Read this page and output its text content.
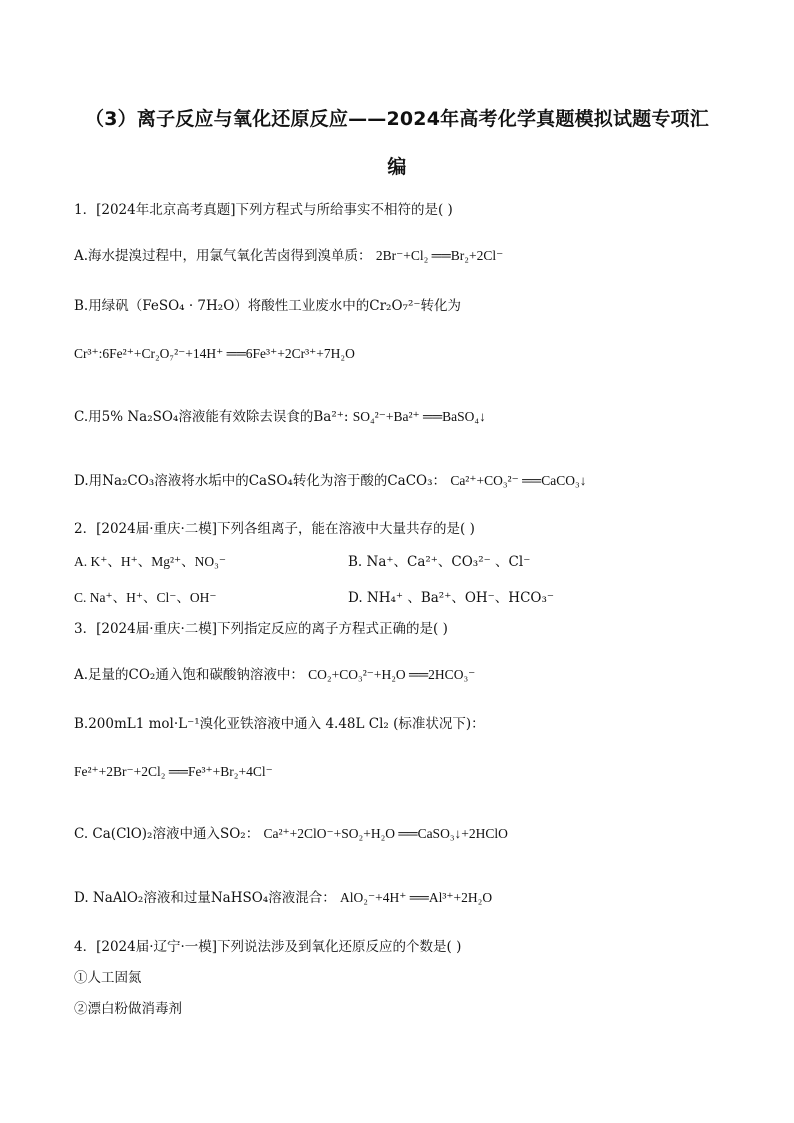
（3）离子反应与氧化还原反应——2024年高考化学真题模拟试题专项汇
编
1．[2024年北京高考真题]下列方程式与所给事实不相符的是( )
A.海水提溴过程中，用氯气氧化苦卤得到溴单质： 2Br⁻+Cl₂ ══Br₂+2Cl⁻
B.用绿矾（FeSO₄ · 7H₂O）将酸性工业废水中的Cr₂O₇²⁻转化为
Cr³⁺:6Fe²⁺+Cr₂O₇²⁻+14H⁺ ══6Fe³⁺+2Cr³⁺+7H₂O
C.用5% Na₂SO₄溶液能有效除去误食的Ba²⁺: SO₄²⁻+Ba²⁺ ══BaSO₄↓
D.用Na₂CO₃溶液将水垢中的CaSO₄转化为溶于酸的CaCO₃： Ca²⁺+CO₃²⁻ ══CaCO₃↓
2．[2024届·重庆·二模]下列各组离子，能在溶液中大量共存的是( )
A. K⁺、H⁺、Mg²⁺、NO₃⁻	B. Na⁺、Ca²⁺、CO₃²⁻ 、Cl⁻
C. Na⁺、H⁺、Cl⁻、OH⁻	D. NH₄⁺ 、Ba²⁺、OH⁻、HCO₃⁻
3．[2024届·重庆·二模]下列指定反应的离子方程式正确的是( )
A.足量的CO₂通入饱和碳酸钠溶液中： CO₂+CO₃²⁻+H₂O ══2HCO₃⁻
B.200mL1 mol·L⁻¹溴化亚铁溶液中通入 4.48L Cl₂ (标准状况下)：
Fe²⁺+2Br⁻+2Cl₂ ══Fe³⁺+Br₂+4Cl⁻
C. Ca(ClO)₂溶液中通入SO₂： Ca²⁺+2ClO⁻+SO₂+H₂O ══CaSO₃↓+2HClO
D. NaAlO₂溶液和过量NaHSO₄溶液混合： AlO₂⁻+4H⁺ ══Al³⁺+2H₂O
4．[2024届·辽宁·一模]下列说法涉及到氧化还原反应的个数是( )
①人工固氮
②漂白粉做消毒剂
